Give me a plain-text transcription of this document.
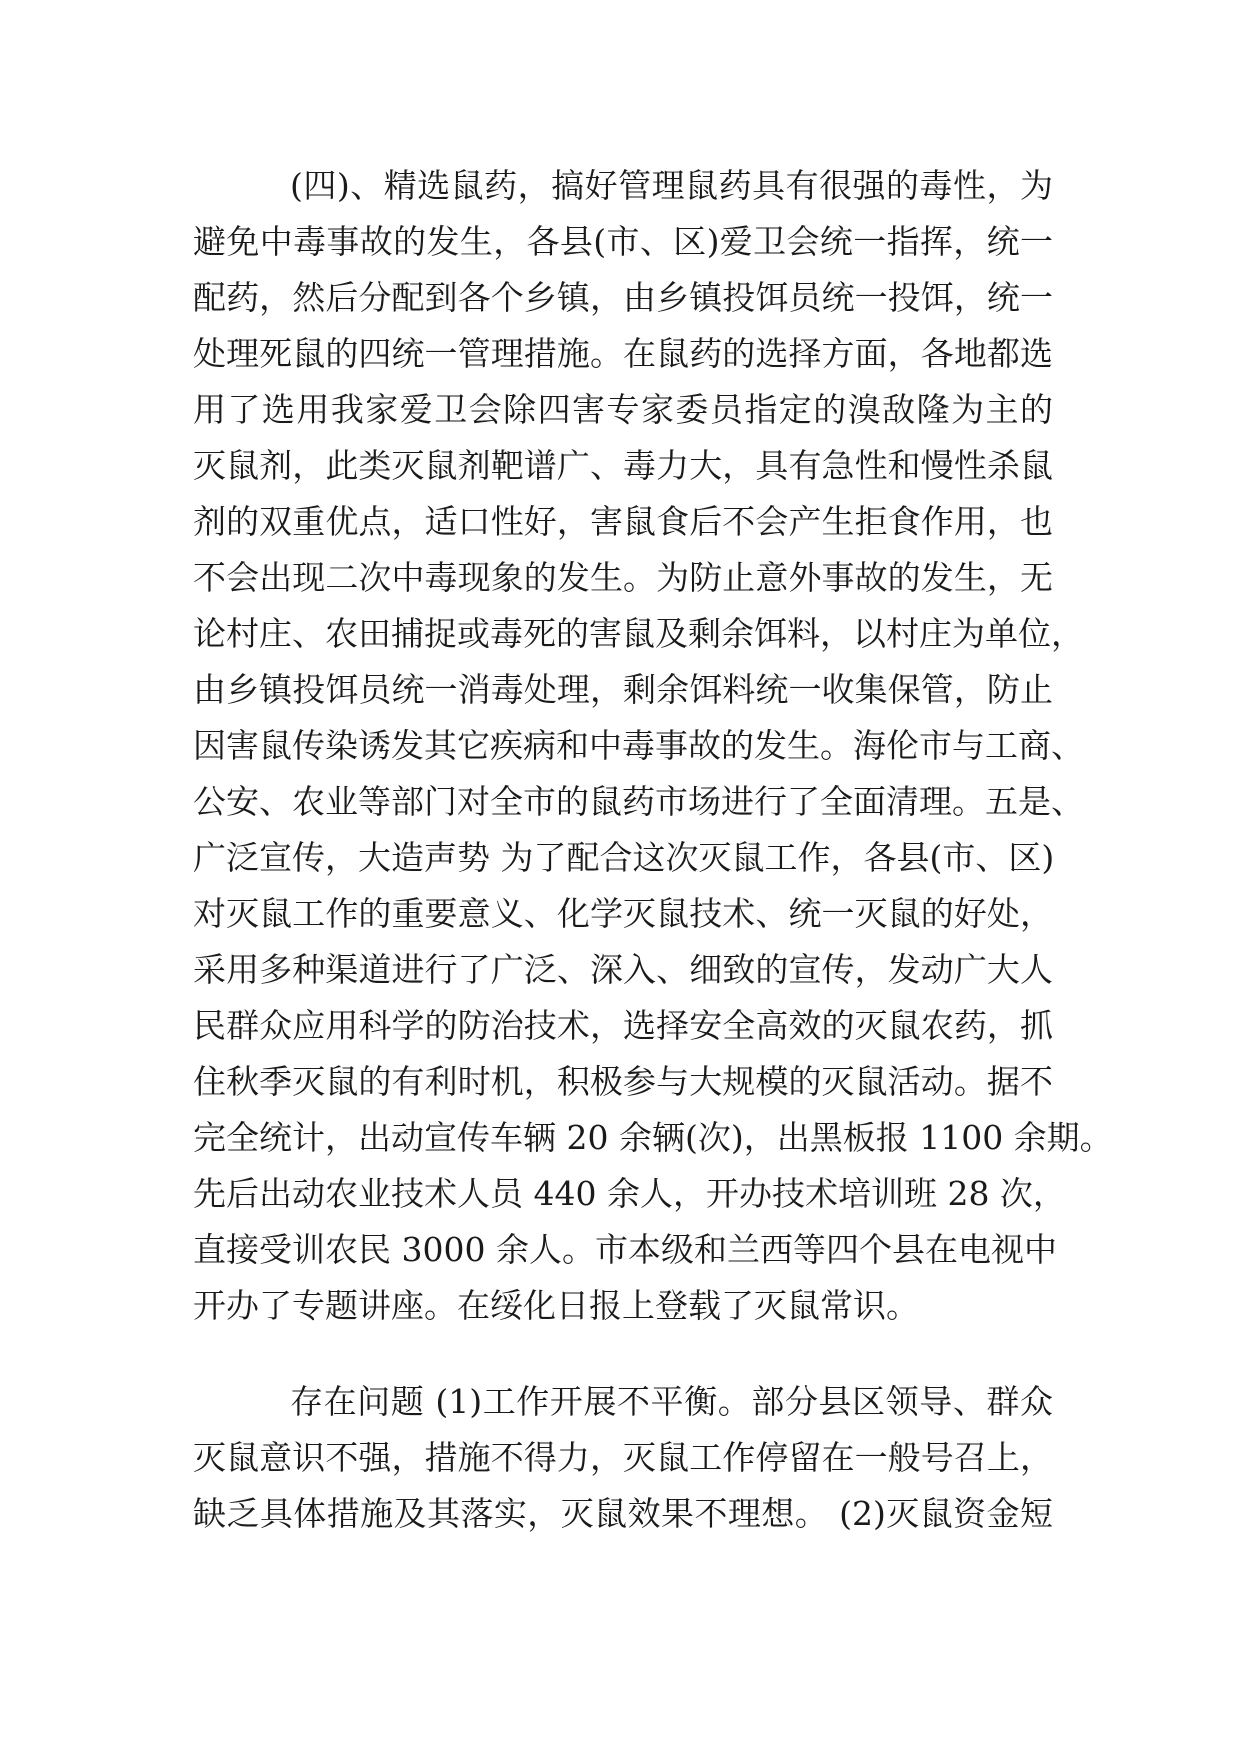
(四)、精选鼠药，搞好管理鼠药具有很强的毒性，为
避免中毒事故的发生，各县(市、区)爱卫会统一指挥，统一
配药，然后分配到各个乡镇，由乡镇投饵员统一投饵，统一
处理死鼠的四统一管理措施。在鼠药的选择方面，各地都选
用了选用我家爱卫会除四害专家委员指定的溴敌隆为主的
灭鼠剂，此类灭鼠剂靶谱广、毒力大，具有急性和慢性杀鼠
剂的双重优点，适口性好，害鼠食后不会产生拒食作用，也
不会出现二次中毒现象的发生。为防止意外事故的发生，无
论村庄、农田捕捉或毒死的害鼠及剩余饵料，以村庄为单位，
由乡镇投饵员统一消毒处理，剩余饵料统一收集保管，防止
因害鼠传染诱发其它疾病和中毒事故的发生。海伦市与工商、
公安、农业等部门对全市的鼠药市场进行了全面清理。五是、
广泛宣传，大造声势 为了配合这次灭鼠工作，各县(市、区)
对灭鼠工作的重要意义、化学灭鼠技术、统一灭鼠的好处，
采用多种渠道进行了广泛、深入、细致的宣传，发动广大人
民群众应用科学的防治技术，选择安全高效的灭鼠农药，抓
住秋季灭鼠的有利时机，积极参与大规模的灭鼠活动。据不
完全统计，出动宣传车辆 20 余辆(次)，出黑板报 1100 余期。
先后出动农业技术人员 440 余人，开办技术培训班 28 次，
直接受训农民 3000 余人。市本级和兰西等四个县在电视中
开办了专题讲座。在绥化日报上登载了灭鼠常识。
存在问题 (1)工作开展不平衡。部分县区领导、群众
灭鼠意识不强，措施不得力，灭鼠工作停留在一般号召上，
缺乏具体措施及其落实，灭鼠效果不理想。 (2)灭鼠资金短
